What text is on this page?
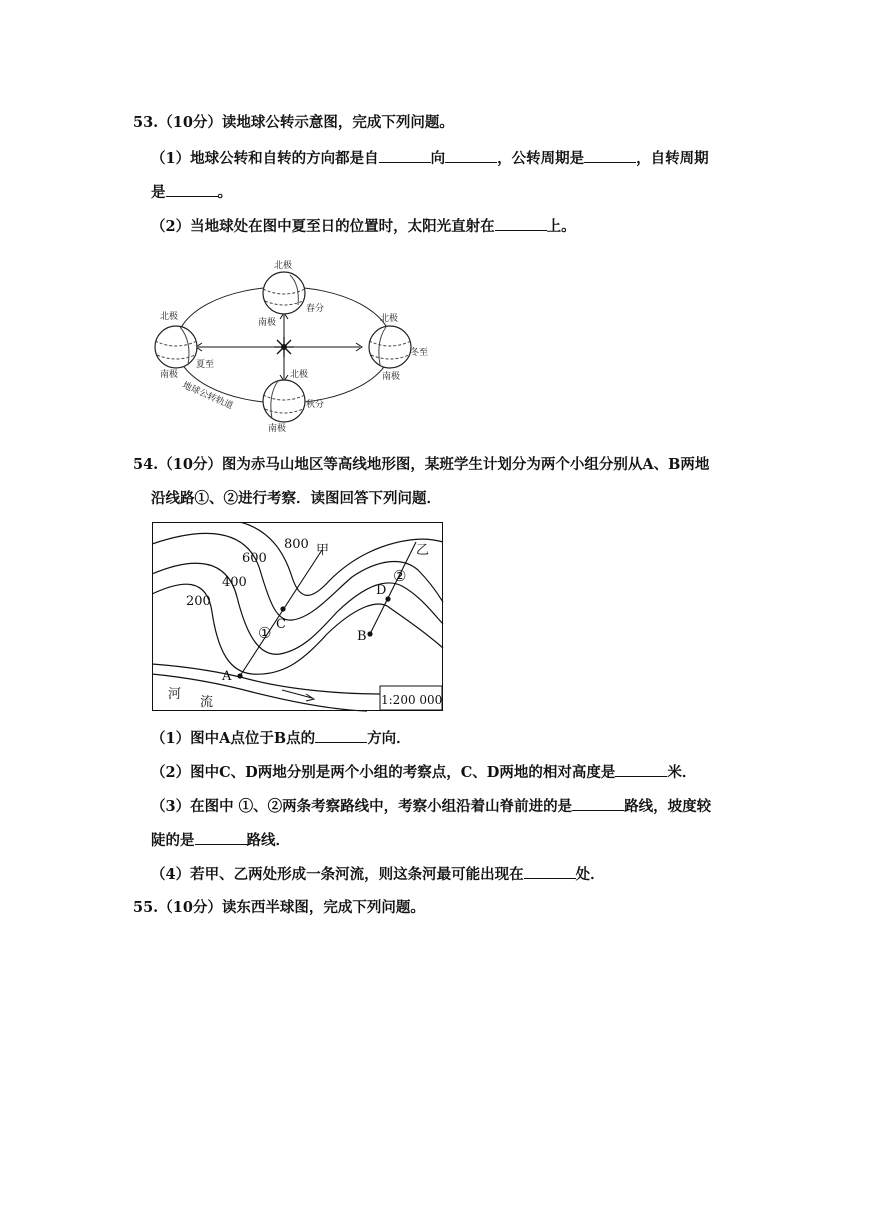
53.（10分）读地球公转示意图，完成下列问题。
（1）地球公转和自转的方向都是自	向	，公转周期是	，自转周期
是	。
（2）当地球处在图中夏至日的位置时，太阳光直射在	上。
北极
春分
南极
北极
夏至
南极
北极
冬至
南极
北极
秋分
南极
地球公转轨道
54.（10分）图为赤马山地区等高线地形图，某班学生计划分为两个小组分别从A、B两地
沿线路①、②进行考察．读图回答下列问题．
1:200 000
200
400
600
800 甲	乙
A
C
B
D
①
②
河
流
（1）图中A点位于B点的	方向．
（2）图中C、D两地分别是两个小组的考察点，C、D两地的相对高度是	米．
（3）在图中 ①、②两条考察路线中，考察小组沿着山脊前进的是	路线，坡度较
陡的是	路线．
（4）若甲、乙两处形成一条河流，则这条河最可能出现在	处．
55.（10分）读东西半球图，完成下列问题。
